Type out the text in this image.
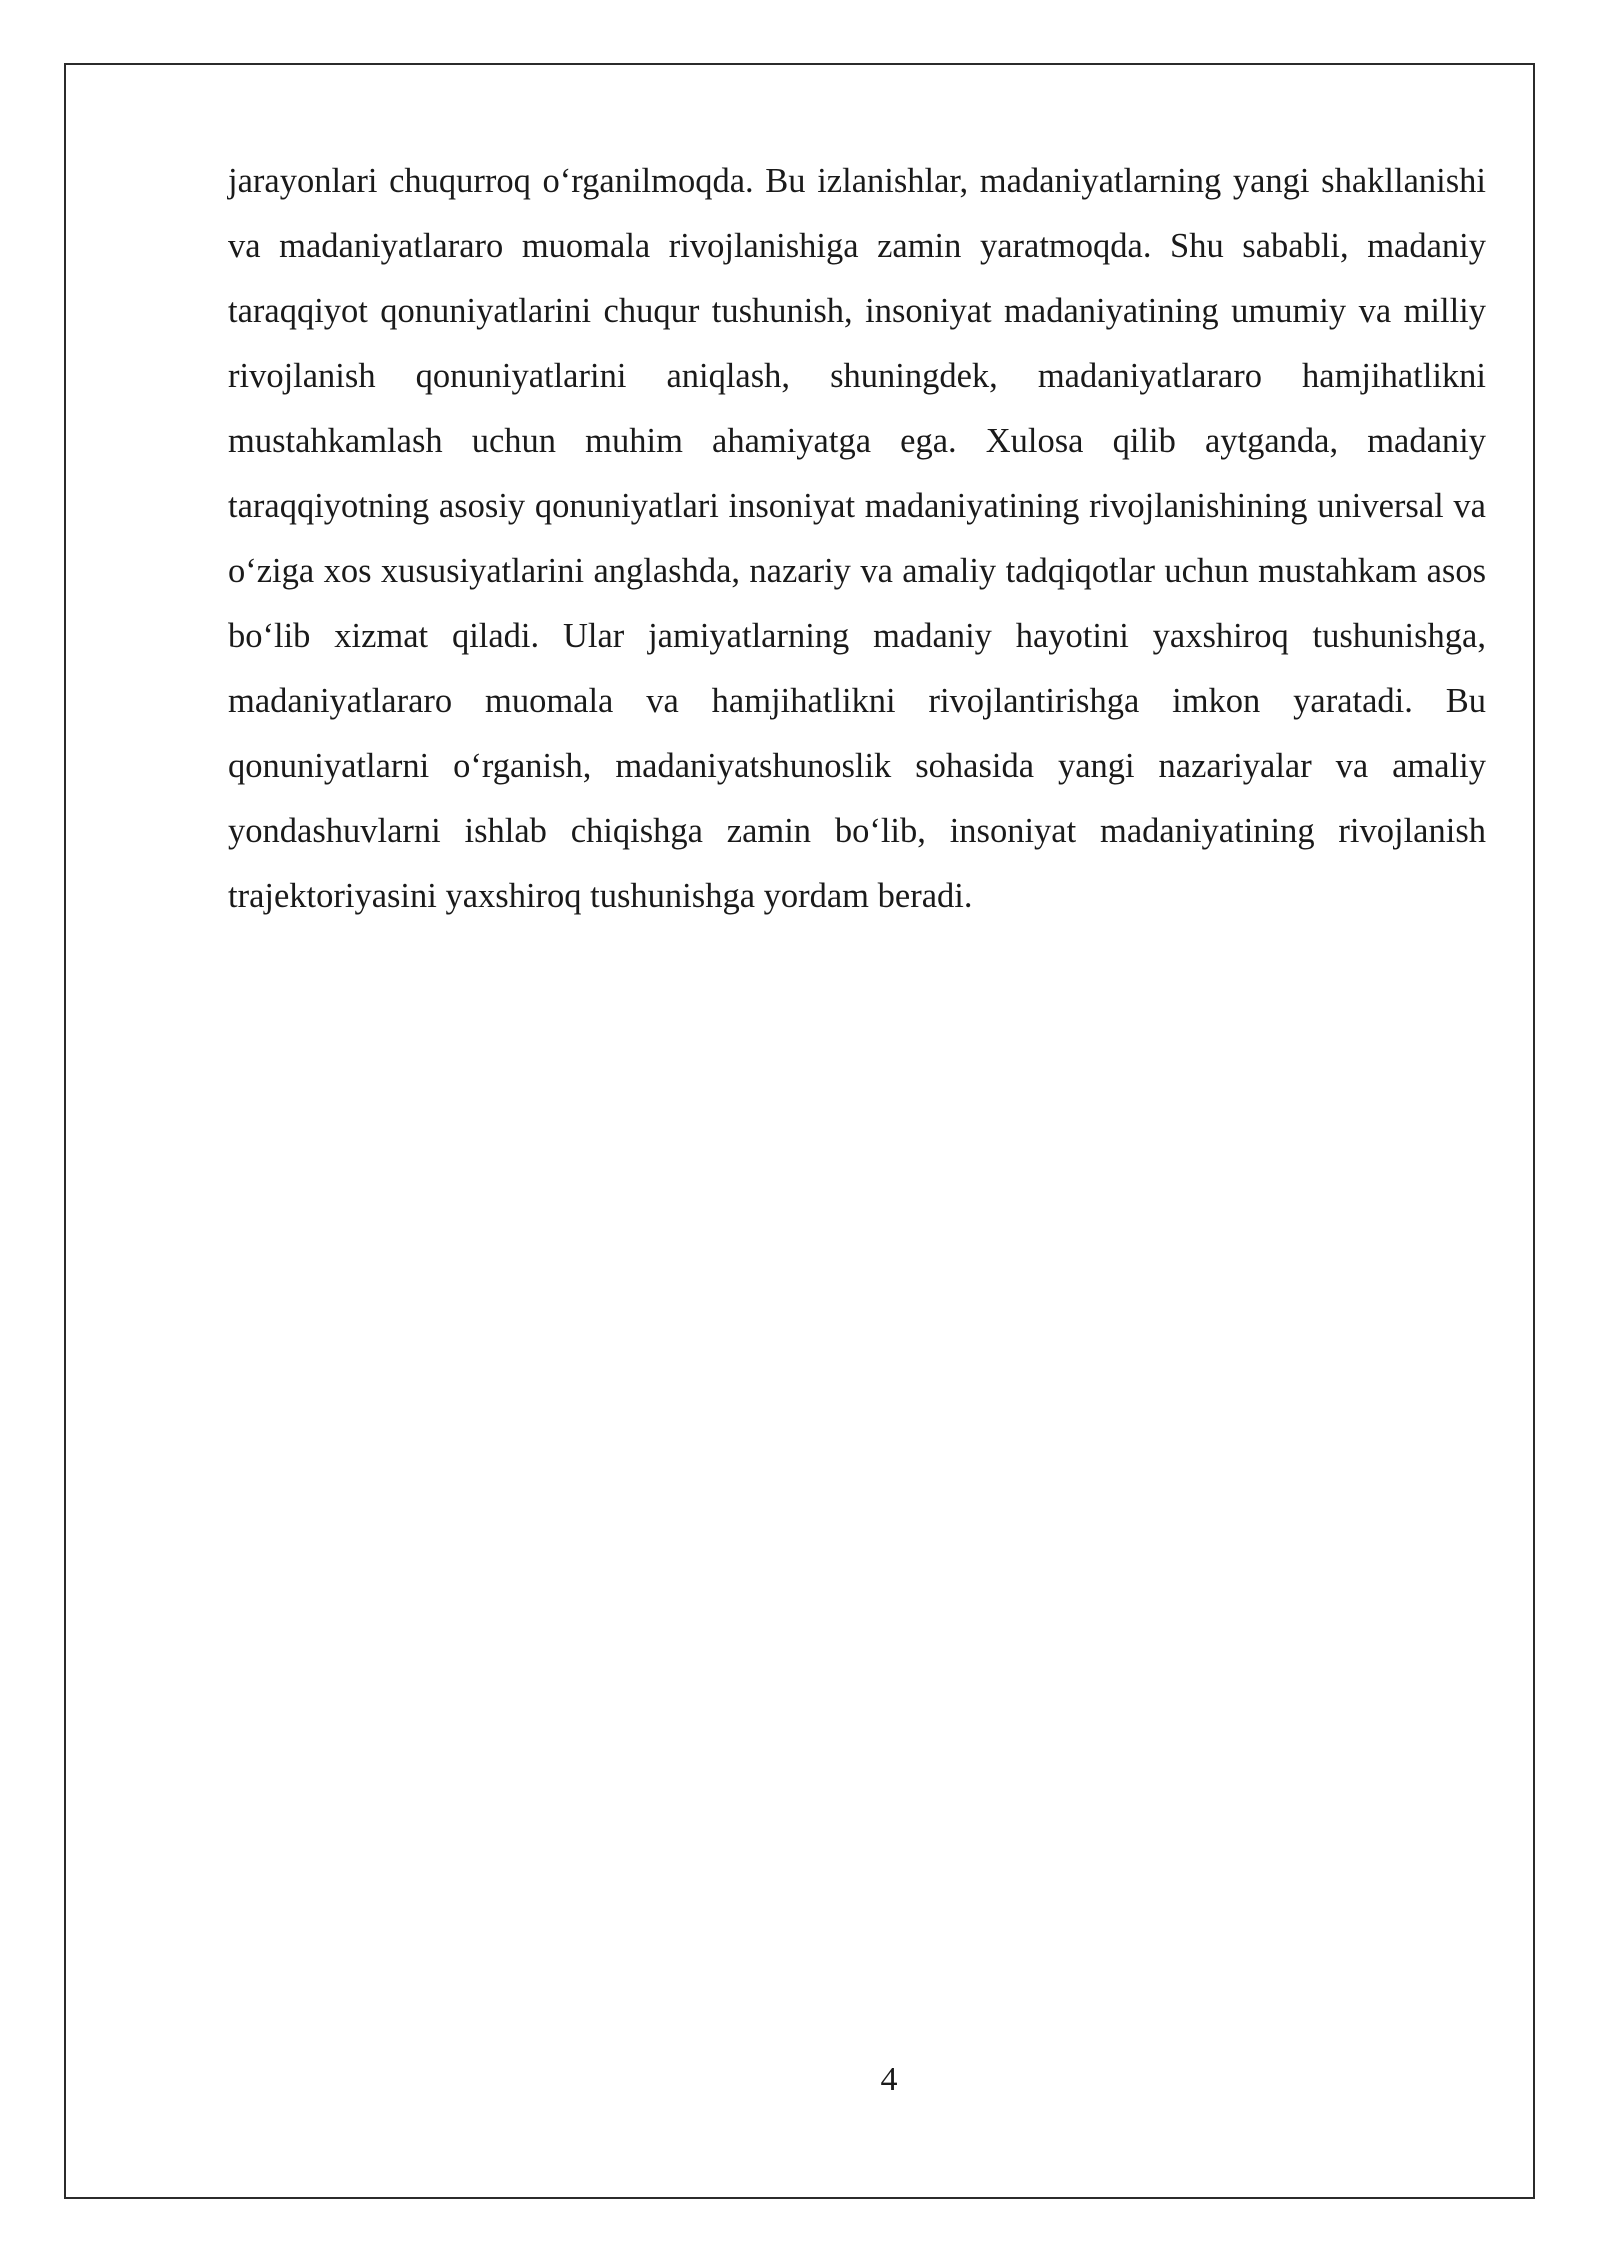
jarayonlari chuqurroq o‘rganilmoqda. Bu izlanishlar, madaniyatlarning yangi shakllanishi va madaniyatlararo muomala rivojlanishiga zamin yaratmoqda. Shu sababli, madaniy taraqqiyot qonuniyatlarini chuqur tushunish, insoniyat madaniyatining umumiy va milliy rivojlanish qonuniyatlarini aniqlash, shuningdek, madaniyatlararo hamjihatlikni mustahkamlash uchun muhim ahamiyatga ega. Xulosa qilib aytganda, madaniy taraqqiyotning asosiy qonuniyatlari insoniyat madaniyatining rivojlanishining universal va o‘ziga xos xususiyatlarini anglashda, nazariy va amaliy tadqiqotlar uchun mustahkam asos bo‘lib xizmat qiladi. Ular jamiyatlarning madaniy hayotini yaxshiroq tushunishga, madaniyatlararo muomala va hamjihatlikni rivojlantirishga imkon yaratadi. Bu qonuniyatlarni o‘rganish, madaniyatshunoslik sohasida yangi nazariyalar va amaliy yondashuvlarni ishlab chiqishga zamin bo‘lib, insoniyat madaniyatining rivojlanish trajektoriyasini yaxshiroq tushunishga yordam beradi.

4
